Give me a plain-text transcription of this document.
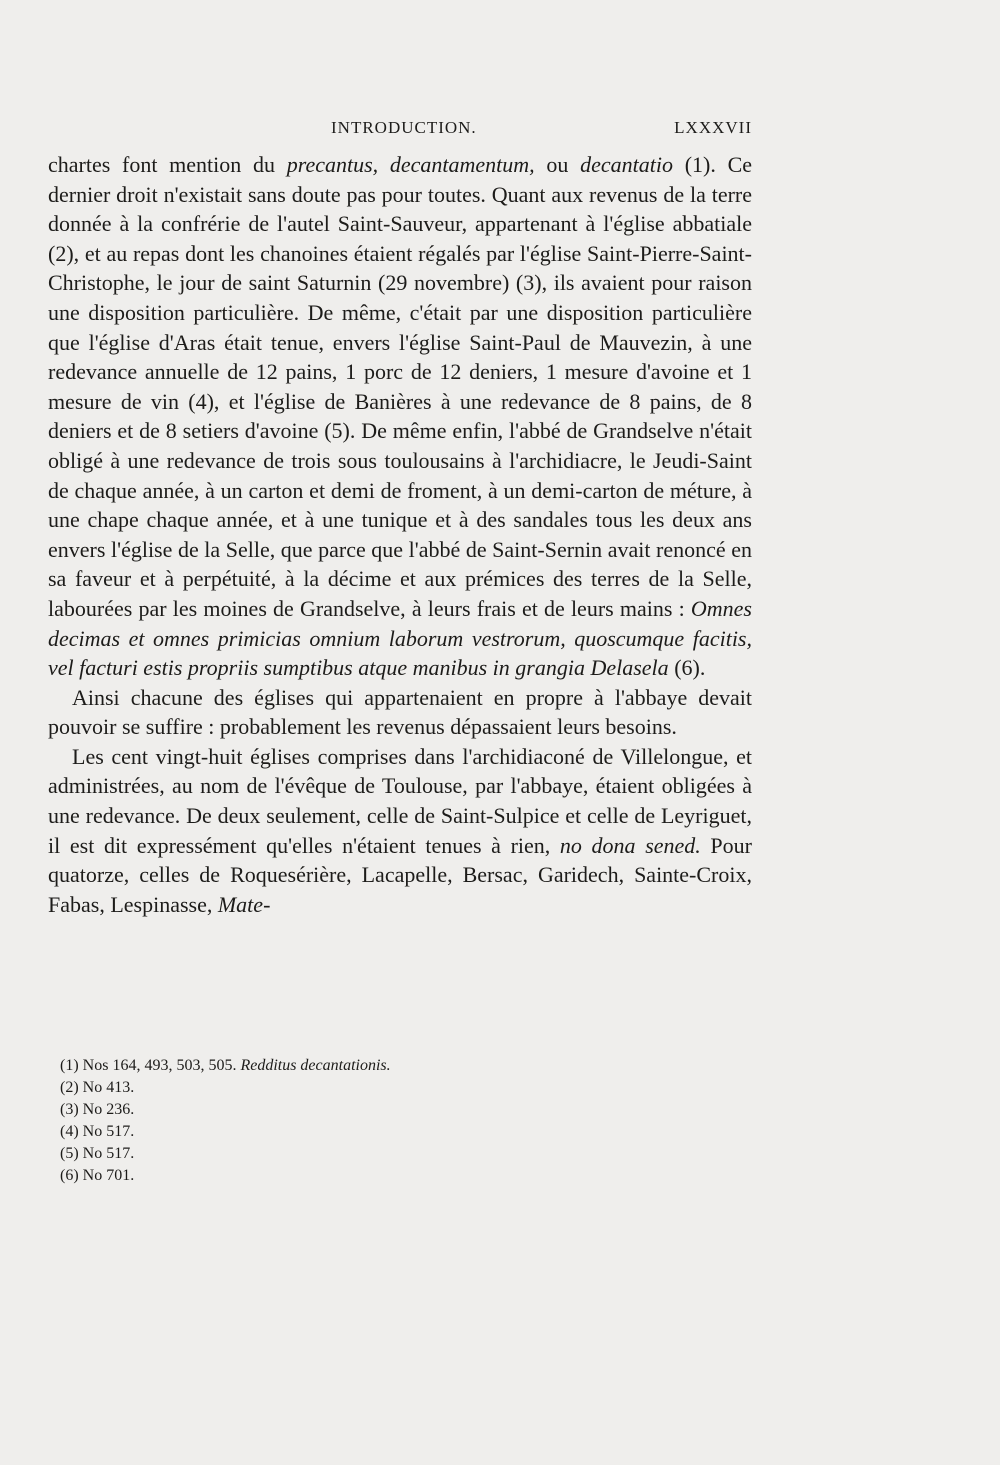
INTRODUCTION.	LXXXVII

chartes font mention du precantus, decantamentum, ou decantatio (1). Ce dernier droit n'existait sans doute pas pour toutes. Quant aux revenus de la terre donnée à la confrérie de l'autel Saint-Sauveur, appartenant à l'église abbatiale (2), et au repas dont les chanoines étaient régalés par l'église Saint-Pierre-Saint-Christophe, le jour de saint Saturnin (29 novembre) (3), ils avaient pour raison une disposition particulière. De même, c'était par une disposition particulière que l'église d'Aras était tenue, envers l'église Saint-Paul de Mauvezin, à une redevance annuelle de 12 pains, 1 porc de 12 deniers, 1 mesure d'avoine et 1 mesure de vin (4), et l'église de Banières à une redevance de 8 pains, de 8 deniers et de 8 setiers d'avoine (5). De même enfin, l'abbé de Grandselve n'était obligé à une redevance de trois sous toulousains à l'archidiacre, le Jeudi-Saint de chaque année, à un carton et demi de froment, à un demi-carton de méture, à une chape chaque année, et à une tunique et à des sandales tous les deux ans envers l'église de la Selle, que parce que l'abbé de Saint-Sernin avait renoncé en sa faveur et à perpétuité, à la décime et aux prémices des terres de la Selle, labourées par les moines de Grandselve, à leurs frais et de leurs mains : Omnes decimas et omnes primicias omnium laborum vestrorum, quoscumque facitis, vel facturi estis propriis sumptibus atque manibus in grangia Delasela (6).

Ainsi chacune des églises qui appartenaient en propre à l'abbaye devait pouvoir se suffire : probablement les revenus dépassaient leurs besoins.

Les cent vingt-huit églises comprises dans l'archidiaconé de Villelongue, et administrées, au nom de l'évêque de Toulouse, par l'abbaye, étaient obligées à une redevance. De deux seulement, celle de Saint-Sulpice et celle de Leyriguet, il est dit expressément qu'elles n'étaient tenues à rien, no dona sened. Pour quatorze, celles de Roquesérière, Lacapelle, Bersac, Garidech, Sainte-Croix, Fabas, Lespinasse, Mate-

(1) Nos 164, 493, 503, 505. Redditus decantationis.
(2) No 413.
(3) No 236.
(4) No 517.
(5) No 517.
(6) No 701.
